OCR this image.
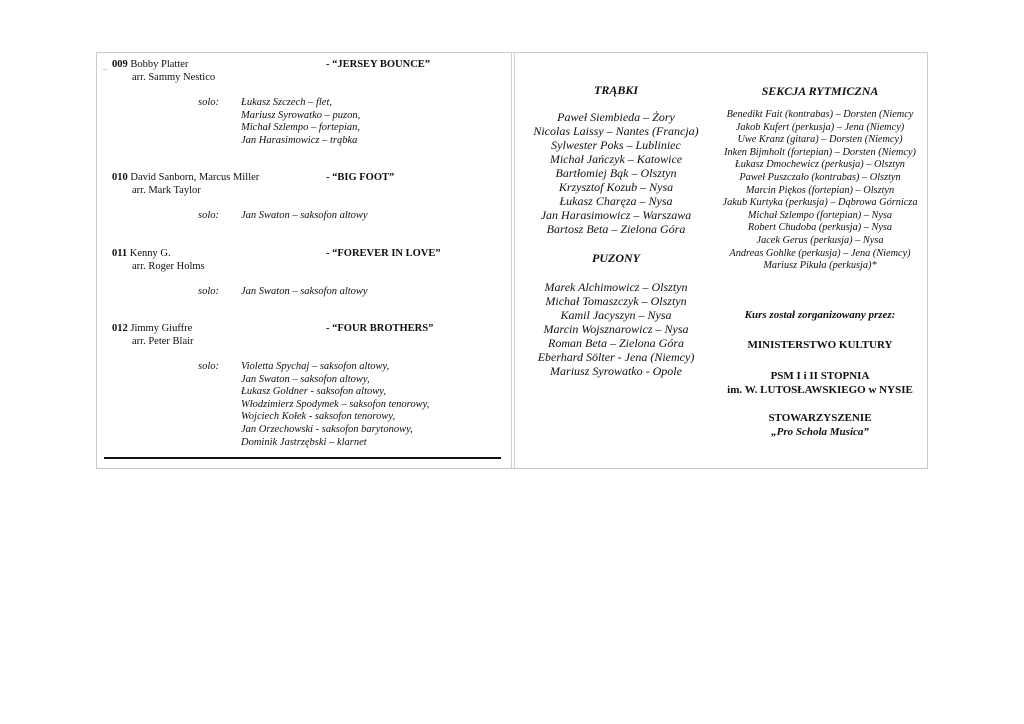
– 009 Bobby Platter	- “JERSEY BOUNCE”
arr. Sammy Nestico
solo: Łukasz Szczech – flet,
Mariusz Syrowatko – puzon,
Michał Szlempo – fortepian,
Jan Harasimowicz – trąbka
010 David Sanborn, Marcus Miller	- “BIG FOOT”
arr. Mark Taylor
solo: Jan Swaton – saksofon altowy
011 Kenny G.	- “FOREVER IN LOVE”
arr. Roger Holms
solo: Jan Swaton – saksofon altowy
012 Jimmy Giuffre	- “FOUR BROTHERS”
arr. Peter Blair
solo: Violetta Spychaj – saksofon altowy,
Jan Swaton – saksofon altowy,
Łukasz Goldner - saksofon altowy,
Włodzimierz Spodymek – saksofon tenorowy,
Wojciech Kołek - saksofon tenorowy,
Jan Orzechowski - saksofon barytonowy,
Dominik Jastrzębski – klarnet
TRĄBKI
Paweł Siembieda – Żory
Nicolas Laissy – Nantes (Francja)
Sylwester Poks – Lubliniec
Michał Jańczyk – Katowice
Bartłomiej Bąk – Olsztyn
Krzysztof Kozub – Nysa
Łukasz Charęza – Nysa
Jan Harasimowicz – Warszawa
Bartosz Beta – Zielona Góra
PUZONY
Marek Alchimowicz – Olsztyn
Michał Tomaszczyk – Olsztyn
Kamil Jacyszyn – Nysa
Marcin Wojsznarowicz – Nysa
Roman Beta – Zielona Góra
Eberhard Sölter - Jena (Niemcy)
Mariusz Syrowatko - Opole
SEKCJA RYTMICZNA
Benedikt Fait (kontrabas) – Dorsten (Niemcy
Jakob Kufert (perkusja) – Jena (Niemcy)
Uwe Kranz (gitara) – Dorsten (Niemcy)
Inken Bijmholt (fortepian) – Dorsten (Niemcy)
Łukasz Dmochewicz (perkusja) – Olsztyn
Paweł Puszczało (kontrabas) – Olsztyn
Marcin Piękos (fortepian) – Olsztyn
Jakub Kurtyka (perkusja) – Dąbrowa Górnicza
Michał Szlempo (fortepian) – Nysa
Robert Chudoba (perkusja) – Nysa
Jacek Gerus (perkusja) – Nysa
Andreas Gohlke (perkusja) – Jena (Niemcy)
Mariusz Pikuła (perkusja)*
Kurs został zorganizowany przez:
MINISTERSTWO KULTURY
PSM I i II STOPNIA
im. W. LUTOSŁAWSKIEGO w NYSIE
STOWARZYSZENIE
„Pro Schola Musica”
